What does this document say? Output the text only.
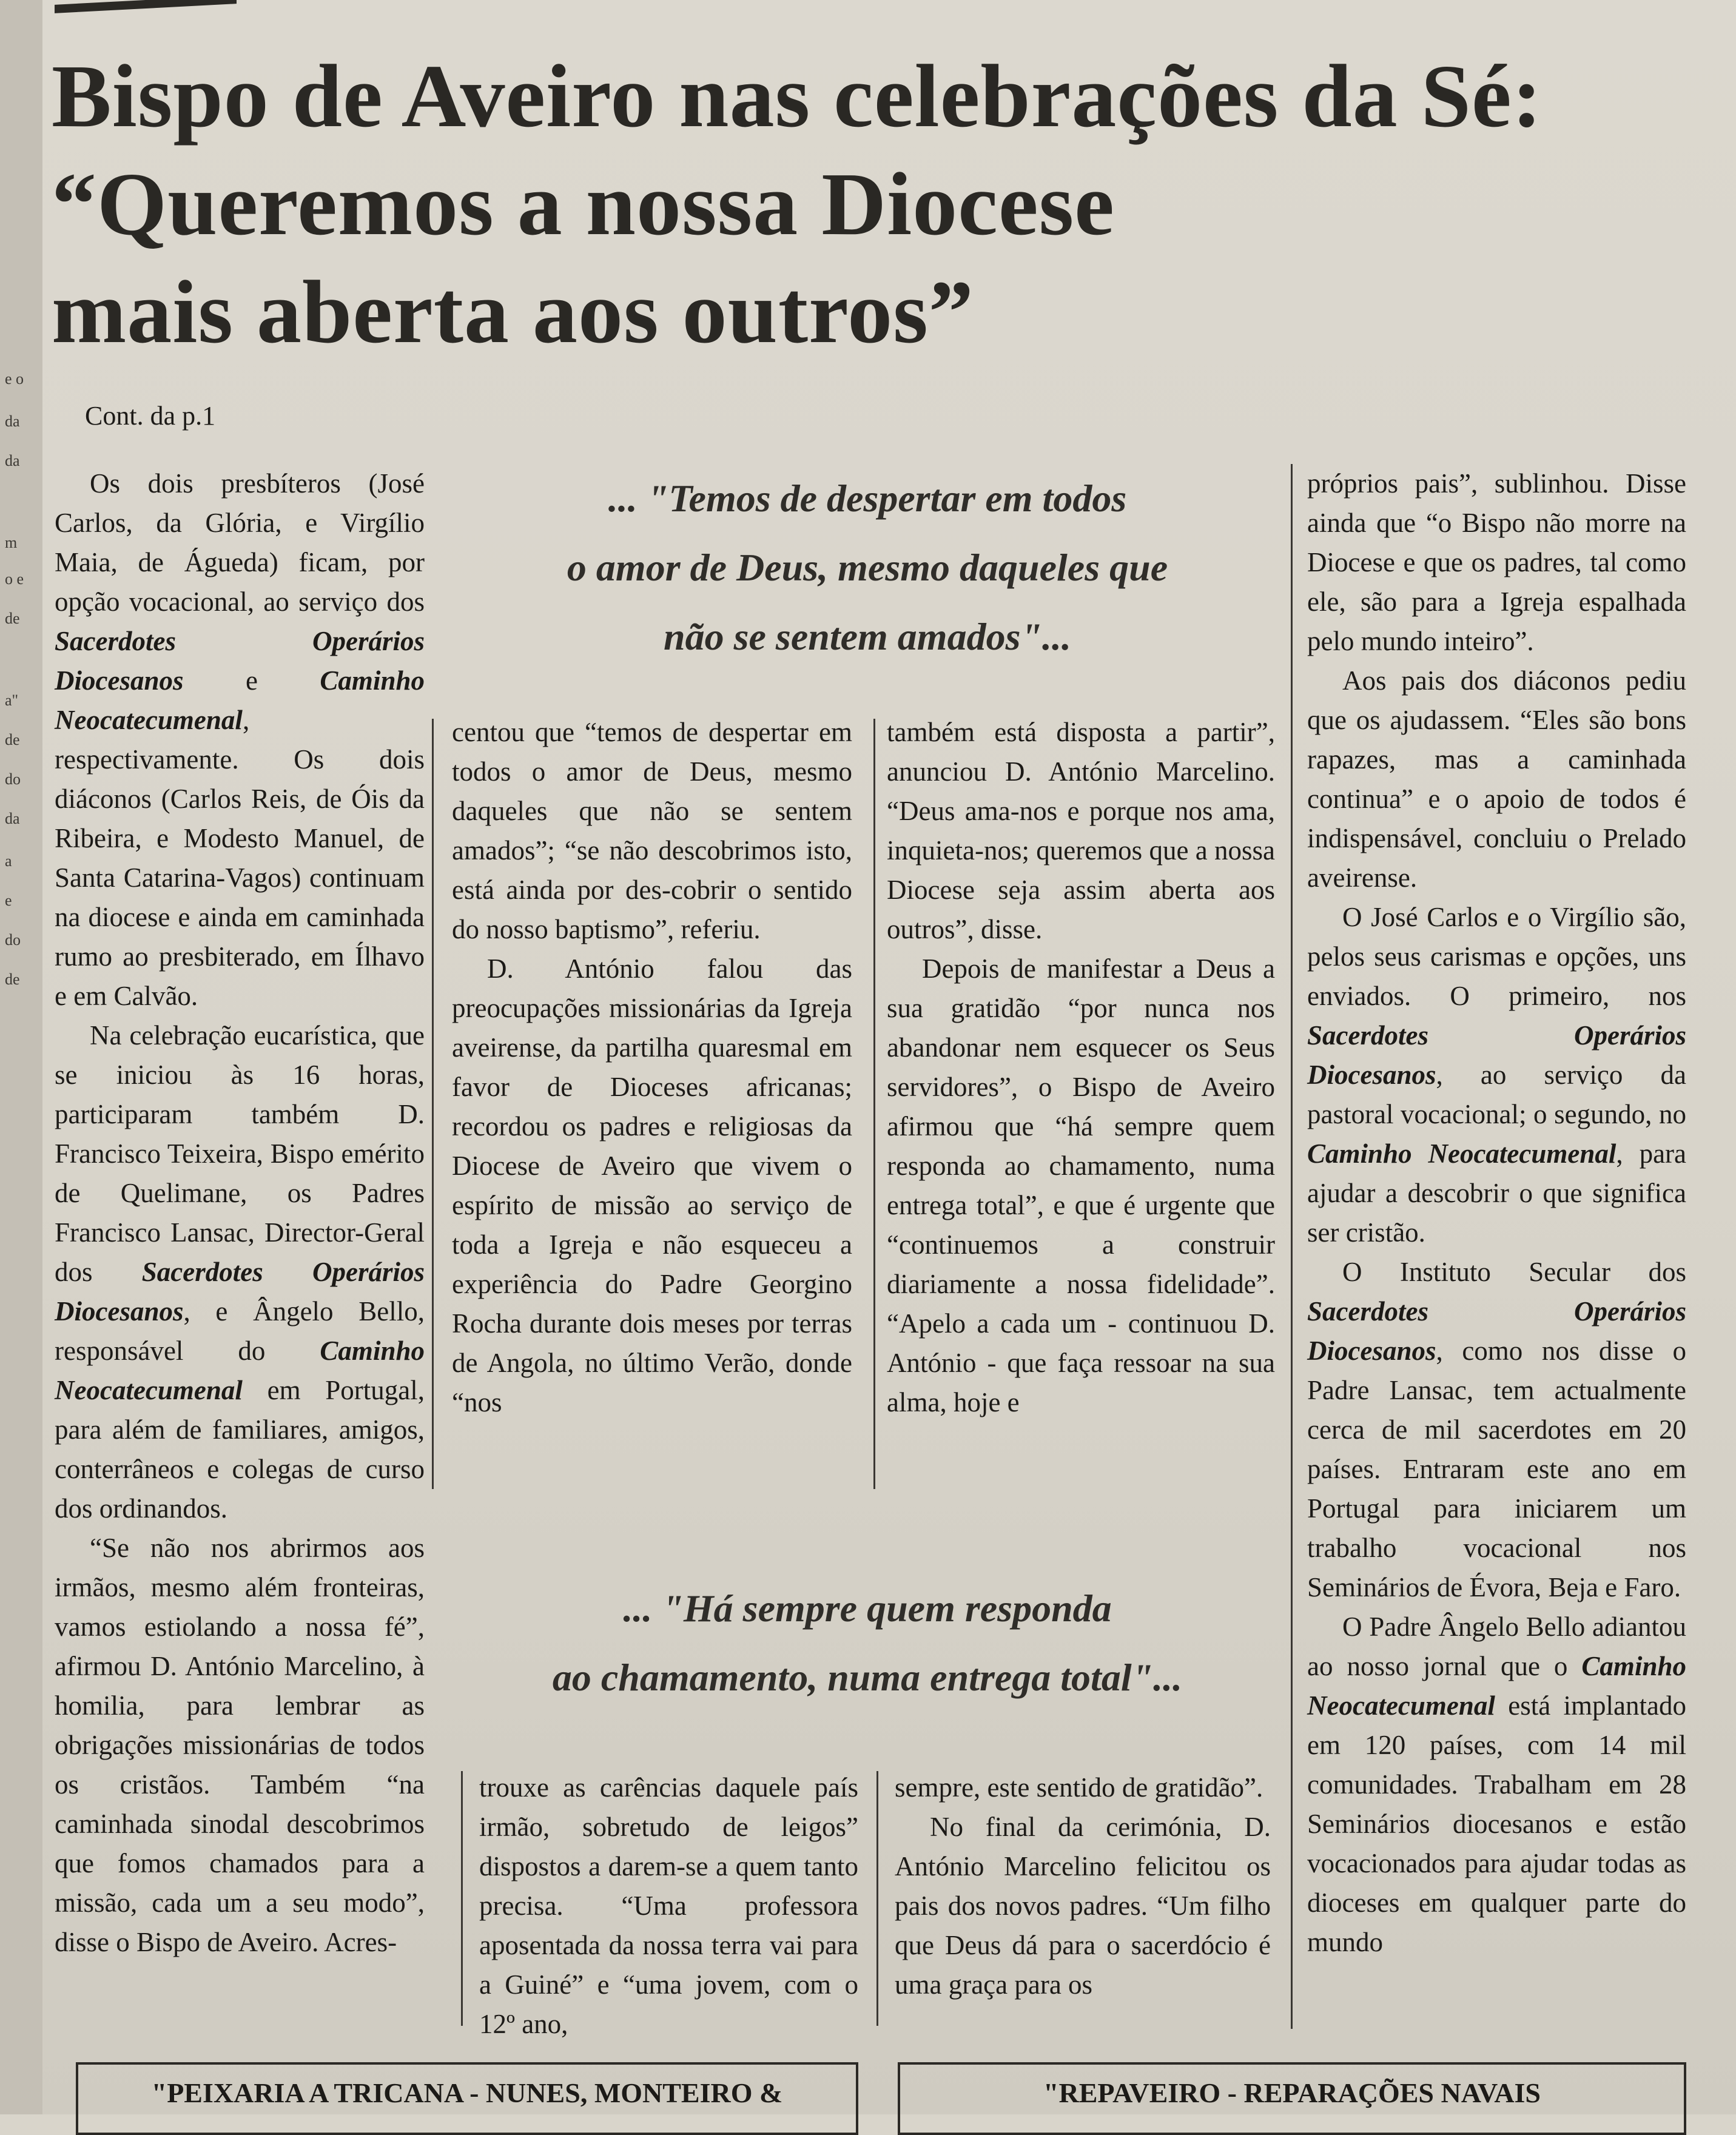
e o
da
da
m
o e
de
a"
de
do
da
a
e
do
de
Bispo de Aveiro nas celebrações da Sé:
“Queremos a nossa Diocese
mais aberta aos outros”
Cont. da p.1

Os dois presbíteros (José Carlos, da Glória, e Virgílio Maia, de Águeda) ficam, por opção vocacional, ao serviço dos Sacerdotes Operários Diocesanos e Caminho Neocatecumenal, respectivamente. Os dois diáconos (Carlos Reis, de Óis da Ribeira, e Modesto Manuel, de Santa Catarina-Vagos) continuam na diocese e ainda em caminhada rumo ao presbiterado, em Ílhavo e em Calvão.

Na celebração eucarística, que se iniciou às 16 horas, participaram também D. Francisco Teixeira, Bispo emérito de Quelimane, os Padres Francisco Lansac, Director-Geral dos Sacerdotes Operários Diocesanos, e Ângelo Bello, responsável do Caminho Neocatecumenal em Portugal, para além de familiares, amigos, conterrâneos e colegas de curso dos ordinandos.

“Se não nos abrirmos aos irmãos, mesmo além fronteiras, vamos estiolando a nossa fé”, afirmou D. António Marcelino, à homilia, para lembrar as obrigações missionárias de todos os cristãos. Também “na caminhada sinodal descobrimos que fomos chamados para a missão, cada um a seu modo”, disse o Bispo de Aveiro. Acres-

... "Temos de despertar em todos
o amor de Deus, mesmo daqueles que
não se sentem amados"...

centou que “temos de despertar em todos o amor de Deus, mesmo daqueles que não se sentem amados”; “se não descobrimos isto, está ainda por des-cobrir o sentido do nosso baptismo”, referiu.

D. António falou das preocupações missionárias da Igreja aveirense, da partilha quaresmal em favor de Dioceses africanas; recordou os padres e religiosas da Diocese de Aveiro que vivem o espírito de missão ao serviço de toda a Igreja e não esqueceu a experiência do Padre Georgino Rocha durante dois meses por terras de Angola, no último Verão, donde “nos

também está disposta a partir”, anunciou D. António Marcelino. “Deus ama-nos e porque nos ama, inquieta-nos; queremos que a nossa Diocese seja assim aberta aos outros”, disse.

Depois de manifestar a Deus a sua gratidão “por nunca nos abandonar nem esquecer os Seus servidores”, o Bispo de Aveiro afirmou que “há sempre quem responda ao chamamento, numa entrega total”, e que é urgente que “continuemos a construir diariamente a nossa fidelidade”. “Apelo a cada um - continuou D. António - que faça ressoar na sua alma, hoje e

... "Há sempre quem responda
ao chamamento, numa entrega total"...

trouxe as carências daquele país irmão, sobretudo de leigos” dispostos a darem-se a quem tanto precisa. “Uma professora aposentada da nossa terra vai para a Guiné” e “uma jovem, com o 12º ano,

sempre, este sentido de gratidão”.

No final da cerimónia, D. António Marcelino felicitou os pais dos novos padres. “Um filho que Deus dá para o sacerdócio é uma graça para os

próprios pais”, sublinhou. Disse ainda que “o Bispo não morre na Diocese e que os padres, tal como ele, são para a Igreja espalhada pelo mundo inteiro”.

Aos pais dos diáconos pediu que os ajudassem. “Eles são bons rapazes, mas a caminhada continua” e o apoio de todos é indispensável, concluiu o Prelado aveirense.

O José Carlos e o Virgílio são, pelos seus carismas e opções, uns enviados. O primeiro, nos Sacerdotes Operários Diocesanos, ao serviço da pastoral vocacional; o segundo, no Caminho Neocatecumenal, para ajudar a descobrir o que significa ser cristão.

O Instituto Secular dos Sacerdotes Operários Diocesanos, como nos disse o Padre Lansac, tem actualmente cerca de mil sacerdotes em 20 países. Entraram este ano em Portugal para iniciarem um trabalho vocacional nos Seminários de Évora, Beja e Faro.

O Padre Ângelo Bello adiantou ao nosso jornal que o Caminho Neocatecumenal está implantado em 120 países, com 14 mil comunidades. Trabalham em 28 Seminários diocesanos e estão vocacionados para ajudar todas as dioceses em qualquer parte do mundo

"PEIXARIA A TRICANA - NUNES, MONTEIRO &	"REPAVEIRO - REPARAÇÕES NAVAIS
